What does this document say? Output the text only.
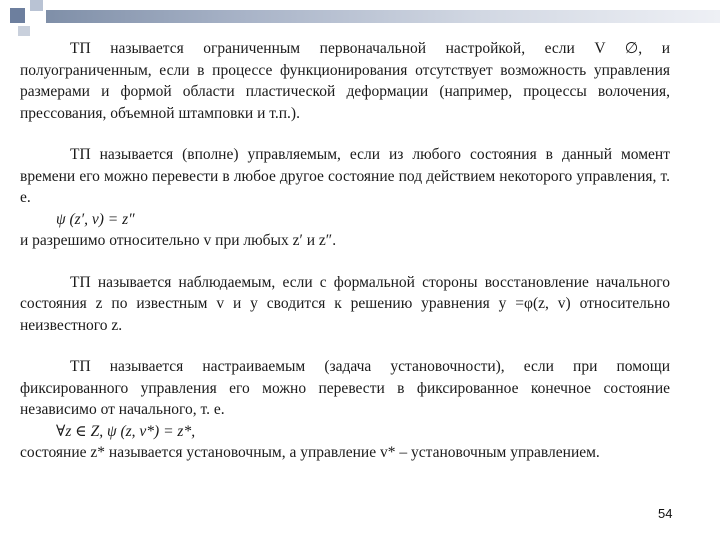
ТП называется ограниченным первоначальной настройкой, если V ∅, и полуограниченным, если в процессе функционирования отсутствует возможность управления размерами и формой области пластической деформации (например, процессы волочения, прессования, объемной штамповки и т.п.).

ТП называется (вполне) управляемым, если из любого состояния в данный момент времени его можно перевести в любое другое состояние под действием некоторого управления, т. е.

ψ (z′, v) = z″
и разрешимо относительно v при любых z′ и z″.

ТП называется наблюдаемым, если с формальной стороны восстановление начального состояния z по известным v и y сводится к решению уравнения y =φ(z, v) относительно неизвестного z.

ТП называется настраиваемым (задача установочности), если при помощи фиксированного управления его можно перевести в фиксированное конечное состояние независимо от начального, т. е.

∀z ∈ Z, ψ (z, v*) = z*,
состояние z* называется установочным, а управление v* – установочным управлением.
54
